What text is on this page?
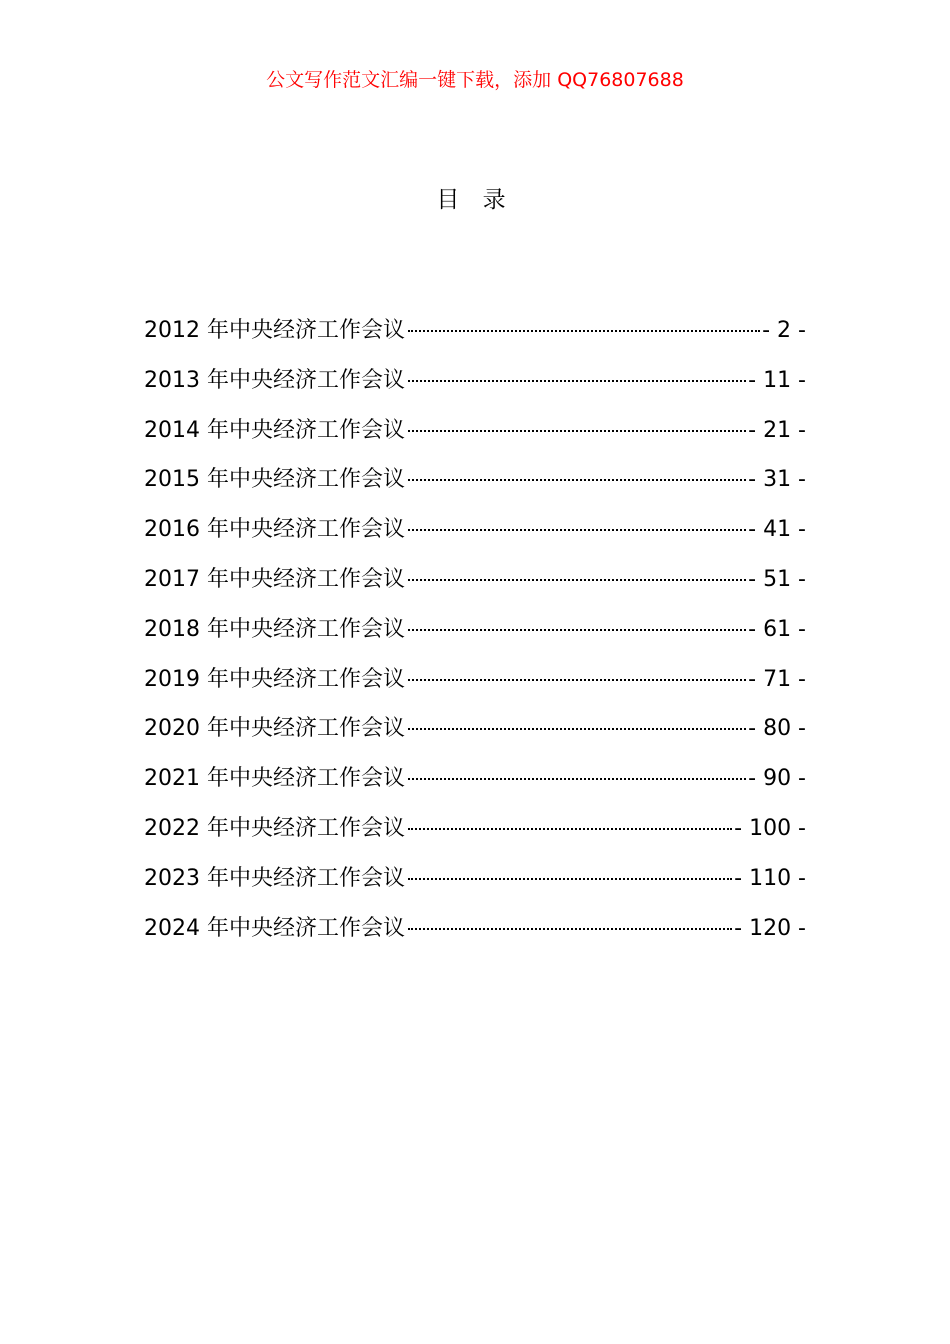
公文写作范文汇编一键下载，添加 QQ76807688
目 录
2012 年中央经济工作会议	- 2 -
2013 年中央经济工作会议	- 11 -
2014 年中央经济工作会议	- 21 -
2015 年中央经济工作会议	- 31 -
2016 年中央经济工作会议	- 41 -
2017 年中央经济工作会议	- 51 -
2018 年中央经济工作会议	- 61 -
2019 年中央经济工作会议	- 71 -
2020 年中央经济工作会议	- 80 -
2021 年中央经济工作会议	- 90 -
2022 年中央经济工作会议	- 100 -
2023 年中央经济工作会议	- 110 -
2024 年中央经济工作会议	- 120 -
